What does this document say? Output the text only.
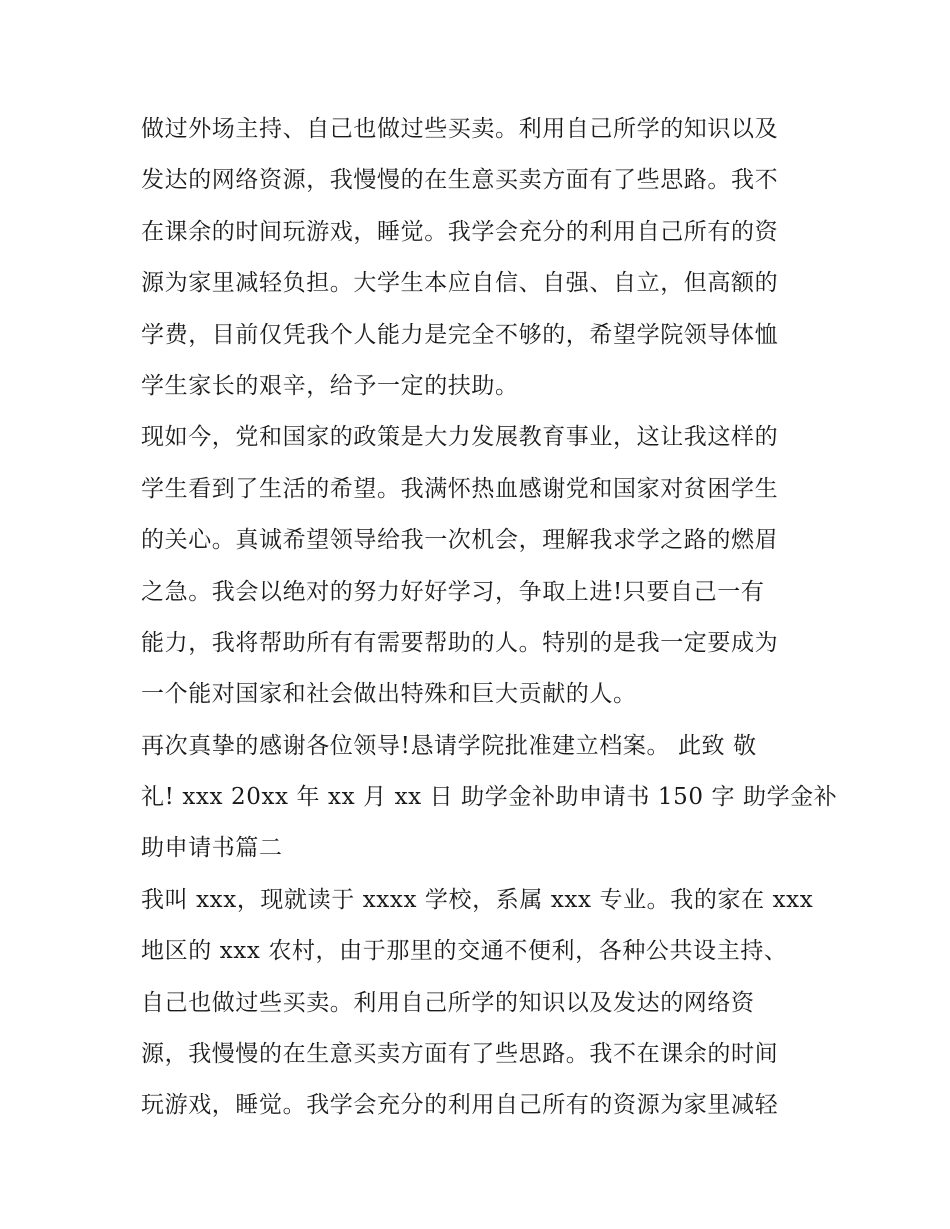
做过外场主持、自己也做过些买卖。利用自己所学的知识以及
发达的网络资源，我慢慢的在生意买卖方面有了些思路。我不
在课余的时间玩游戏，睡觉。我学会充分的利用自己所有的资
源为家里减轻负担。大学生本应自信、自强、自立，但高额的
学费，目前仅凭我个人能力是完全不够的，希望学院领导体恤
学生家长的艰辛，给予一定的扶助。
现如今，党和国家的政策是大力发展教育事业，这让我这样的
学生看到了生活的希望。我满怀热血感谢党和国家对贫困学生
的关心。真诚希望领导给我一次机会，理解我求学之路的燃眉
之急。我会以绝对的努力好好学习，争取上进!只要自己一有
能力，我将帮助所有有需要帮助的人。特别的是我一定要成为
一个能对国家和社会做出特殊和巨大贡献的人。
再次真挚的感谢各位领导!恳请学院批准建立档案。 此致 敬
礼! xxx 20xx 年 xx 月 xx 日 助学金补助申请书 150 字 助学金补
助申请书篇二
我叫 xxx，现就读于 xxxx 学校，系属 xxx 专业。我的家在 xxx
地区的 xxx 农村，由于那里的交通不便利，各种公共设主持、
自己也做过些买卖。利用自己所学的知识以及发达的网络资
源，我慢慢的在生意买卖方面有了些思路。我不在课余的时间
玩游戏，睡觉。我学会充分的利用自己所有的资源为家里减轻
